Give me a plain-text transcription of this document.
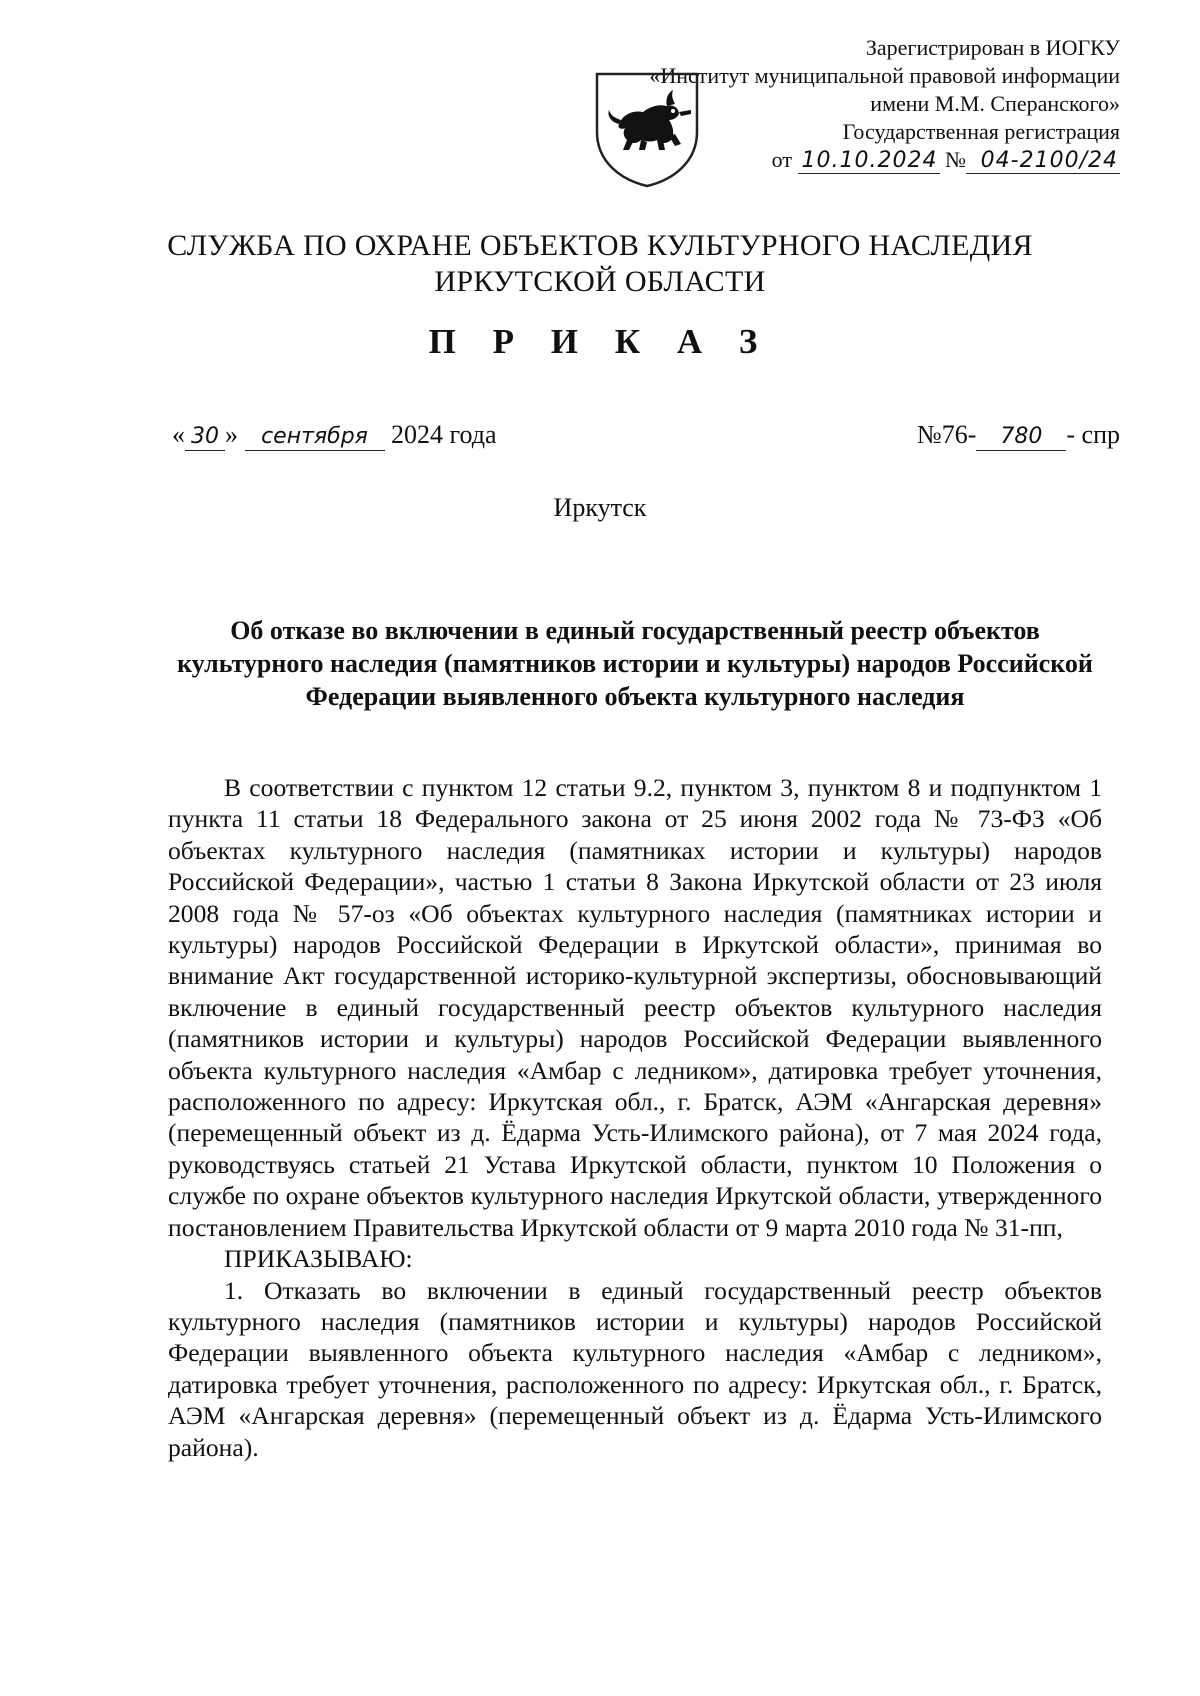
Зарегистрирован в ИОГКУ
«Институт муниципальной правовой информации
имени М.М. Сперанского»
Государственная регистрация
от 10.10.2024 № 04-2100/24
СЛУЖБА ПО ОХРАНЕ ОБЪЕКТОВ КУЛЬТУРНОГО НАСЛЕДИЯ
ИРКУТСКОЙ ОБЛАСТИ
П Р И К А З
« 30 » сентября 2024 года	№76- 780 - спр
Иркутск
Об отказе во включении в единый государственный реестр объектов культурного наследия (памятников истории и культуры) народов Российской Федерации выявленного объекта культурного наследия

В соответствии с пунктом 12 статьи 9.2, пунктом 3, пунктом 8 и подпунктом 1 пункта 11 статьи 18 Федерального закона от 25 июня 2002 года № 73-ФЗ «Об объектах культурного наследия (памятниках истории и культуры) народов Российской Федерации», частью 1 статьи 8 Закона Иркутской области от 23 июля 2008 года № 57-оз «Об объектах культурного наследия (памятниках истории и культуры) народов Российской Федерации в Иркутской области», принимая во внимание Акт государственной историко-культурной экспертизы, обосновывающий включение в единый государственный реестр объектов культурного наследия (памятников истории и культуры) народов Российской Федерации выявленного объекта культурного наследия «Амбар с ледником», датировка требует уточнения, расположенного по адресу: Иркутская обл., г. Братск, АЭМ «Ангарская деревня» (перемещенный объект из д. Ёдарма Усть-Илимского района), от 7 мая 2024 года, руководствуясь статьей 21 Устава Иркутской области, пунктом 10 Положения о службе по охране объектов культурного наследия Иркутской области, утвержденного постановлением Правительства Иркутской области от 9 марта 2010 года № 31-пп,

ПРИКАЗЫВАЮ:

1. Отказать во включении в единый государственный реестр объектов культурного наследия (памятников истории и культуры) народов Российской Федерации выявленного объекта культурного наследия «Амбар с ледником», датировка требует уточнения, расположенного по адресу: Иркутская обл., г. Братск, АЭМ «Ангарская деревня» (перемещенный объект из д. Ёдарма Усть-Илимского района).
